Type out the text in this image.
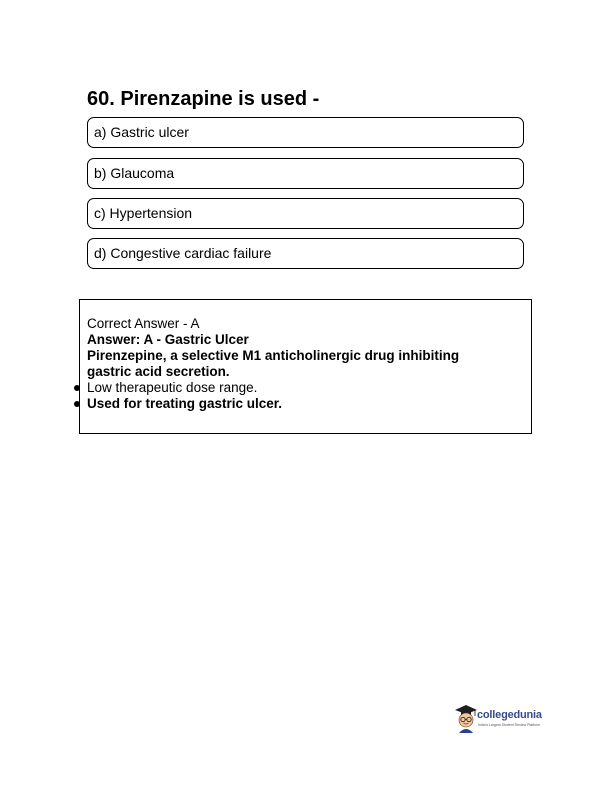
60. Pirenzapine is used -
a) Gastric ulcer
b) Glaucoma
c) Hypertension
d) Congestive cardiac failure
Correct Answer - A
Answer: A - Gastric Ulcer
Pirenzepine, a selective M1 anticholinergic drug inhibiting gastric acid secretion.
Low therapeutic dose range.
Used for treating gastric ulcer.
collegedunia
India's Largest Student Review Platform
